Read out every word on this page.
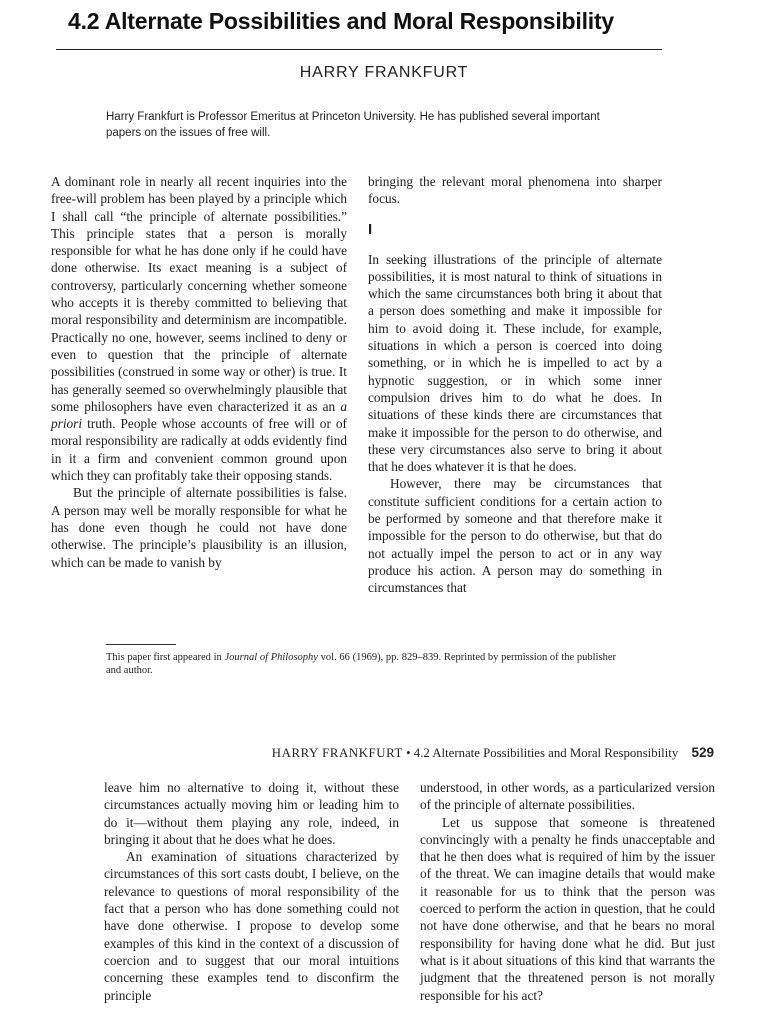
4.2 Alternate Possibilities and Moral Responsibility
HARRY FRANKFURT
Harry Frankfurt is Professor Emeritus at Princeton University. He has published several important papers on the issues of free will.

A dominant role in nearly all recent inquiries into the free-will problem has been played by a principle which I shall call “the principle of alternate possibilities.” This principle states that a person is morally responsible for what he has done only if he could have done otherwise. Its exact meaning is a subject of controversy, particularly concerning whether someone who accepts it is thereby committed to believing that moral responsibility and determinism are incompatible. Practically no one, however, seems inclined to deny or even to question that the principle of alternate possibilities (construed in some way or other) is true. It has generally seemed so overwhelmingly plausible that some philosophers have even characterized it as an a priori truth. People whose accounts of free will or of moral responsibility are radically at odds evidently find in it a firm and convenient common ground upon which they can profitably take their opposing stands.

But the principle of alternate possibilities is false. A person may well be morally responsible for what he has done even though he could not have done otherwise. The principle’s plausibility is an illusion, which can be made to vanish by

bringing the relevant moral phenomena into sharper focus.

I

In seeking illustrations of the principle of alternate possibilities, it is most natural to think of situations in which the same circumstances both bring it about that a person does something and make it impossible for him to avoid doing it. These include, for example, situations in which a person is coerced into doing something, or in which he is impelled to act by a hypnotic suggestion, or in which some inner compulsion drives him to do what he does. In situations of these kinds there are circumstances that make it impossible for the person to do otherwise, and these very circumstances also serve to bring it about that he does whatever it is that he does.

However, there may be circumstances that constitute sufficient conditions for a certain action to be performed by someone and that therefore make it impossible for the person to do otherwise, but that do not actually impel the person to act or in any way produce his action. A person may do something in circumstances that

This paper first appeared in Journal of Philosophy vol. 66 (1969), pp. 829–839. Reprinted by permission of the publisher and author.
HARRY FRANKFURT • 4.2 Alternate Possibilities and Moral Responsibility 529

leave him no alternative to doing it, without these circumstances actually moving him or leading him to do it—without them playing any role, indeed, in bringing it about that he does what he does.

An examination of situations characterized by circumstances of this sort casts doubt, I believe, on the relevance to questions of moral responsibility of the fact that a person who has done something could not have done otherwise. I propose to develop some examples of this kind in the context of a discussion of coercion and to suggest that our moral intuitions concerning these examples tend to disconfirm the principle

understood, in other words, as a particularized version of the principle of alternate possibilities.

Let us suppose that someone is threatened convincingly with a penalty he finds unacceptable and that he then does what is required of him by the issuer of the threat. We can imagine details that would make it reasonable for us to think that the person was coerced to perform the action in question, that he could not have done otherwise, and that he bears no moral responsibility for having done what he did. But just what is it about situations of this kind that warrants the judgment that the threatened person is not morally responsible for his act?
